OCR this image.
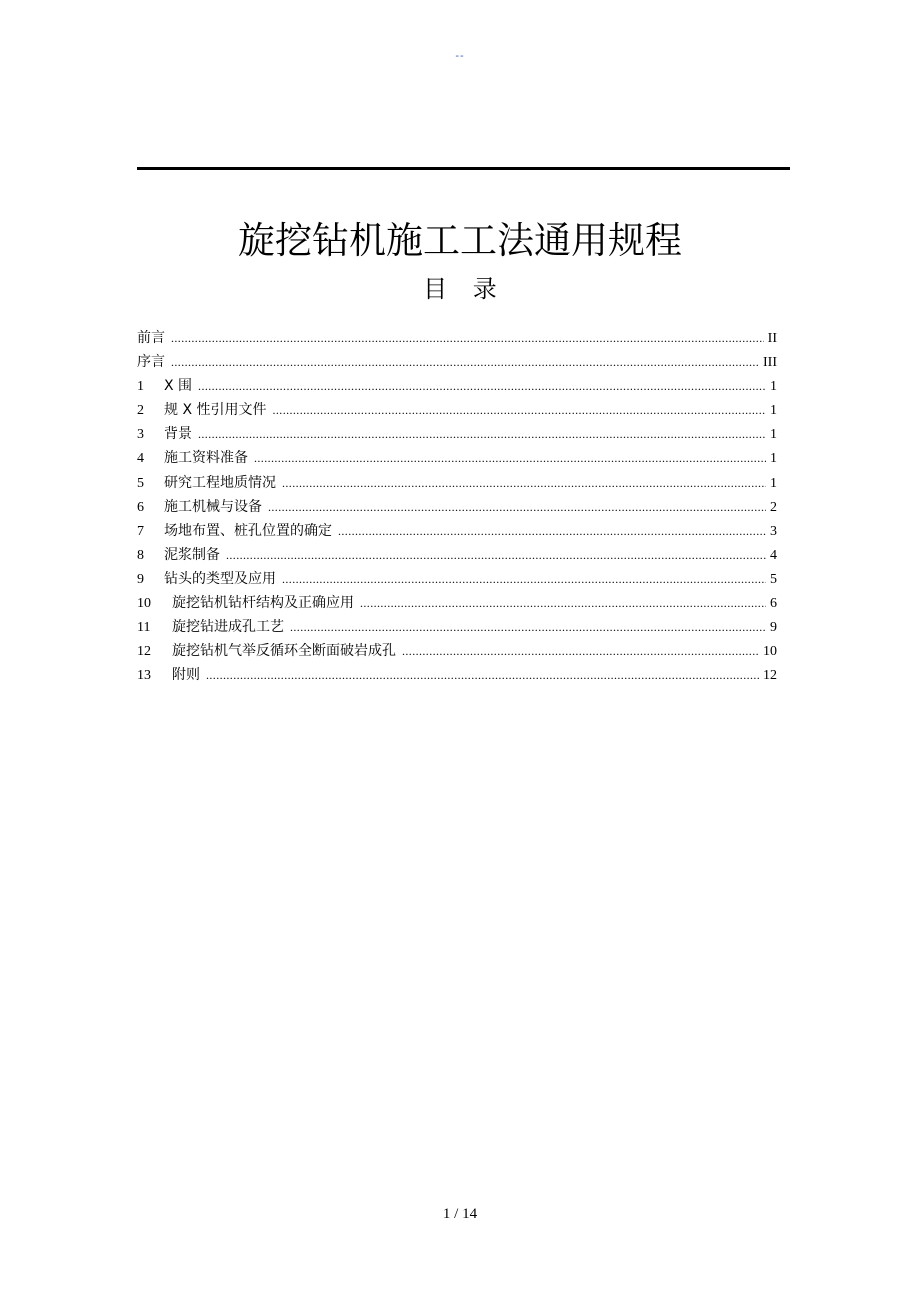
--
旋挖钻机施工工法通用规程
目 录
前言 .....	II
序言 .....	III
1	X 围 .....	1
2	规 X 性引用文件 .....	1
3	背景 .....	1
4	施工资料准备 .....	1
5	研究工程地质情况 .....	1
6	施工机械与设备 .....	2
7	场地布置、桩孔位置的确定 .....	3
8	泥浆制备 .....	4
9	钻头的类型及应用 .....	5
10	旋挖钻机钻杆结构及正确应用 .....	6
11	旋挖钻进成孔工艺 .....	9
12	旋挖钻机气举反循环全断面破岩成孔 .....	10
13	附则 .....	12
1 / 14
